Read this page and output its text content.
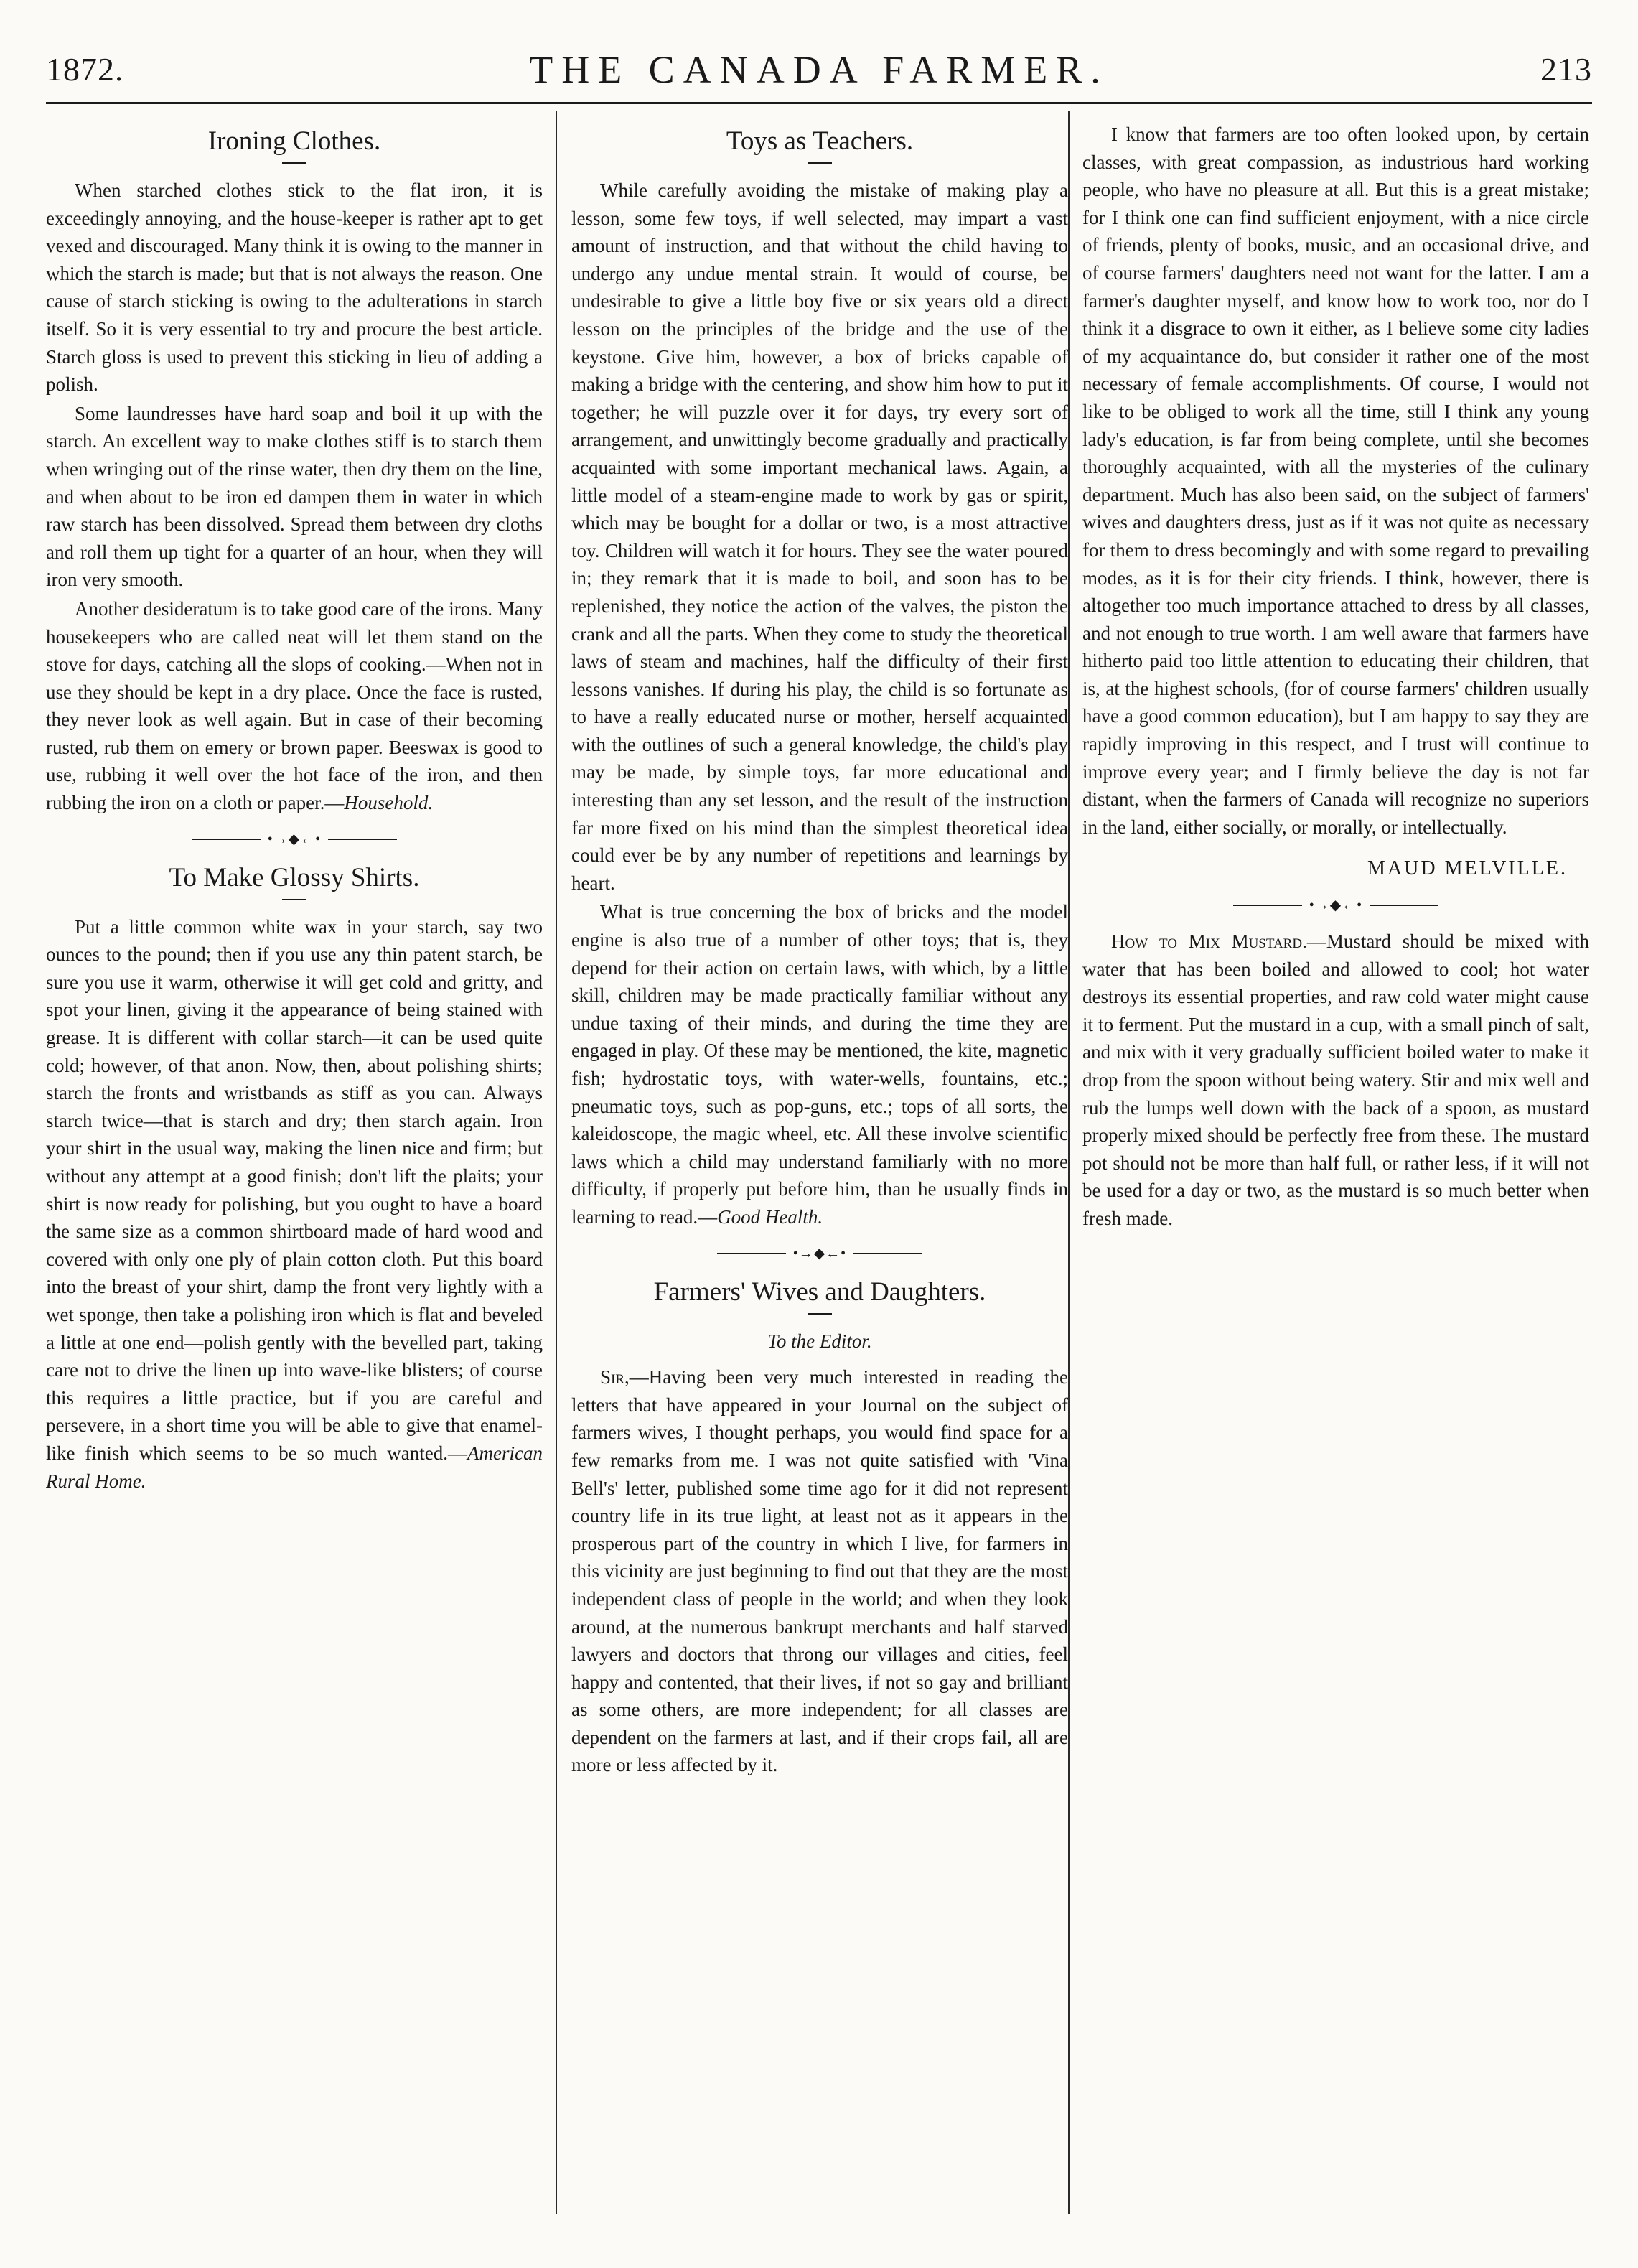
1872.	THE CANADA FARMER.	213
Ironing Clothes.

When starched clothes stick to the flat iron, it is exceedingly annoying, and the house-keeper is rather apt to get vexed and discouraged. Many think it is owing to the manner in which the starch is made; but that is not always the reason. One cause of starch sticking is owing to the adulterations in starch itself. So it is very essential to try and procure the best article. Starch gloss is used to prevent this sticking in lieu of adding a polish.

Some laundresses have hard soap and boil it up with the starch. An excellent way to make clothes stiff is to starch them when wringing out of the rinse water, then dry them on the line, and when about to be iron ed dampen them in water in which raw starch has been dissolved. Spread them between dry cloths and roll them up tight for a quarter of an hour, when they will iron very smooth.

Another desideratum is to take good care of the irons. Many housekeepers who are called neat will let them stand on the stove for days, catching all the slops of cooking.—When not in use they should be kept in a dry place. Once the face is rusted, they never look as well again. But in case of their becoming rusted, rub them on emery or brown paper. Beeswax is good to use, rubbing it well over the hot face of the iron, and then rubbing the iron on a cloth or paper.—Household.

•→◆←•
To Make Glossy Shirts.

Put a little common white wax in your starch, say two ounces to the pound; then if you use any thin patent starch, be sure you use it warm, otherwise it will get cold and gritty, and spot your linen, giving it the appearance of being stained with grease. It is different with collar starch—it can be used quite cold; however, of that anon. Now, then, about polishing shirts; starch the fronts and wristbands as stiff as you can. Always starch twice—that is starch and dry; then starch again. Iron your shirt in the usual way, making the linen nice and firm; but without any attempt at a good finish; don't lift the plaits; your shirt is now ready for polishing, but you ought to have a board the same size as a common shirtboard made of hard wood and covered with only one ply of plain cotton cloth. Put this board into the breast of your shirt, damp the front very lightly with a wet sponge, then take a polishing iron which is flat and beveled a little at one end—polish gently with the bevelled part, taking care not to drive the linen up into wave-like blisters; of course this requires a little practice, but if you are careful and persevere, in a short time you will be able to give that enamel-like finish which seems to be so much wanted.—American Rural Home.

Toys as Teachers.

While carefully avoiding the mistake of making play a lesson, some few toys, if well selected, may impart a vast amount of instruction, and that without the child having to undergo any undue mental strain. It would of course, be undesirable to give a little boy five or six years old a direct lesson on the principles of the bridge and the use of the keystone. Give him, however, a box of bricks capable of making a bridge with the centering, and show him how to put it together; he will puzzle over it for days, try every sort of arrangement, and unwittingly become gradually and practically acquainted with some important mechanical laws. Again, a little model of a steam-engine made to work by gas or spirit, which may be bought for a dollar or two, is a most attractive toy. Children will watch it for hours. They see the water poured in; they remark that it is made to boil, and soon has to be replenished, they notice the action of the valves, the piston the crank and all the parts. When they come to study the theoretical laws of steam and machines, half the difficulty of their first lessons vanishes. If during his play, the child is so fortunate as to have a really educated nurse or mother, herself acquainted with the outlines of such a general knowledge, the child's play may be made, by simple toys, far more educational and interesting than any set lesson, and the result of the instruction far more fixed on his mind than the simplest theoretical idea could ever be by any number of repetitions and learnings by heart.

What is true concerning the box of bricks and the model engine is also true of a number of other toys; that is, they depend for their action on certain laws, with which, by a little skill, children may be made practically familiar without any undue taxing of their minds, and during the time they are engaged in play. Of these may be mentioned, the kite, magnetic fish; hydrostatic toys, with water-wells, fountains, etc.; pneumatic toys, such as pop-guns, etc.; tops of all sorts, the kaleidoscope, the magic wheel, etc. All these involve scientific laws which a child may understand familiarly with no more difficulty, if properly put before him, than he usually finds in learning to read.—Good Health.

•→◆←•
Farmers' Wives and Daughters.
To the Editor.

Sir,—Having been very much interested in reading the letters that have appeared in your Journal on the subject of farmers wives, I thought perhaps, you would find space for a few remarks from me. I was not quite satisfied with 'Vina Bell's' letter, published some time ago for it did not represent country life in its true light, at least not as it appears in the prosperous part of the country in which I live, for farmers in this vicinity are just beginning to find out that they are the most independent class of people in the world; and when they look around, at the numerous bankrupt merchants and half starved lawyers and doctors that throng our villages and cities, feel happy and contented, that their lives, if not so gay and brilliant as some others, are more independent; for all classes are dependent on the farmers at last, and if their crops fail, all are more or less affected by it.

I know that farmers are too often looked upon, by certain classes, with great compassion, as industrious hard working people, who have no pleasure at all. But this is a great mistake; for I think one can find sufficient enjoyment, with a nice circle of friends, plenty of books, music, and an occasional drive, and of course farmers' daughters need not want for the latter. I am a farmer's daughter myself, and know how to work too, nor do I think it a disgrace to own it either, as I believe some city ladies of my acquaintance do, but consider it rather one of the most necessary of female accomplishments. Of course, I would not like to be obliged to work all the time, still I think any young lady's education, is far from being complete, until she becomes thoroughly acquainted, with all the mysteries of the culinary department. Much has also been said, on the subject of farmers' wives and daughters dress, just as if it was not quite as necessary for them to dress becomingly and with some regard to prevailing modes, as it is for their city friends. I think, however, there is altogether too much importance attached to dress by all classes, and not enough to true worth. I am well aware that farmers have hitherto paid too little attention to educating their children, that is, at the highest schools, (for of course farmers' children usually have a good common education), but I am happy to say they are rapidly improving in this respect, and I trust will continue to improve every year; and I firmly believe the day is not far distant, when the farmers of Canada will recognize no superiors in the land, either socially, or morally, or intellectually.

MAUD MELVILLE.
•→◆←•

How to Mix Mustard.—Mustard should be mixed with water that has been boiled and allowed to cool; hot water destroys its essential properties, and raw cold water might cause it to ferment. Put the mustard in a cup, with a small pinch of salt, and mix with it very gradually sufficient boiled water to make it drop from the spoon without being watery. Stir and mix well and rub the lumps well down with the back of a spoon, as mustard properly mixed should be perfectly free from these. The mustard pot should not be more than half full, or rather less, if it will not be used for a day or two, as the mustard is so much better when fresh made.
